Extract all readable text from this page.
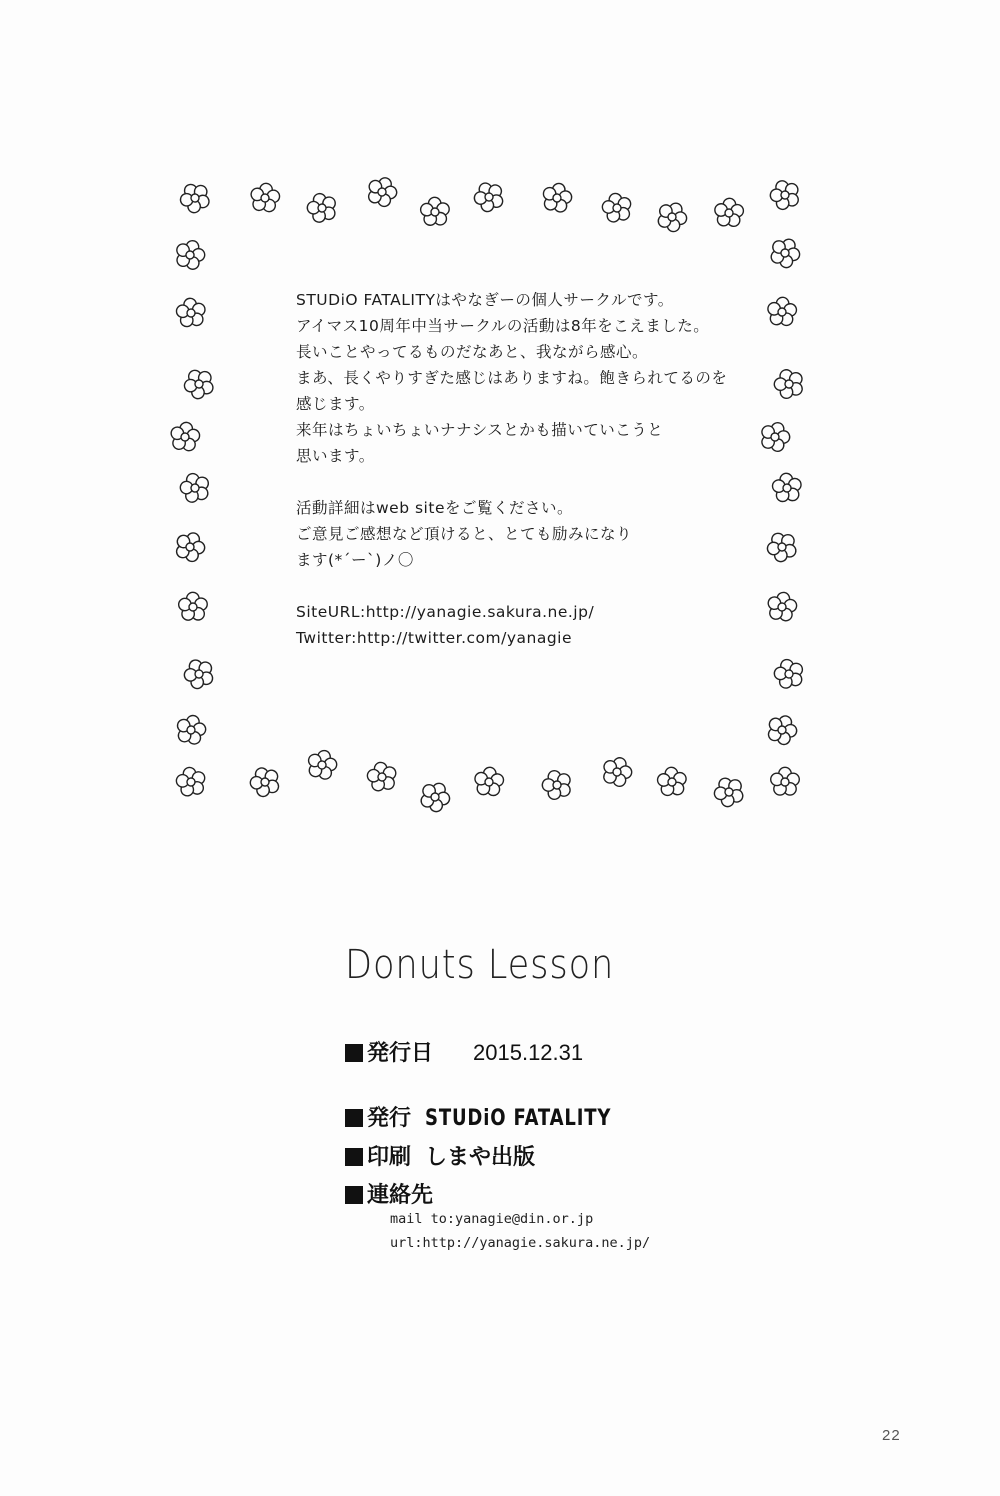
STUDiO FATALITYはやなぎーの個人サークルです。
アイマス10周年中当サークルの活動は8年をこえました。
長いことやってるものだなあと、我ながら感心。
まあ、長くやりすぎた感じはありますね。飽きられてるのを
感じます。
来年はちょいちょいナナシスとかも描いていこうと
思います。
活動詳細はweb siteをご覧ください。
ご意見ご感想など頂けると、とても励みになり
ます(*´ー`)ノ〇
SiteURL:http://yanagie.sakura.ne.jp/
Twitter:http://twitter.com/yanagie
Donuts Lesson
発行日 2015.12.31
発行 STUDiO FATALITY
印刷 しまや出版
連絡先
mail to:yanagie@din.or.jp
url:http://yanagie.sakura.ne.jp/
22
